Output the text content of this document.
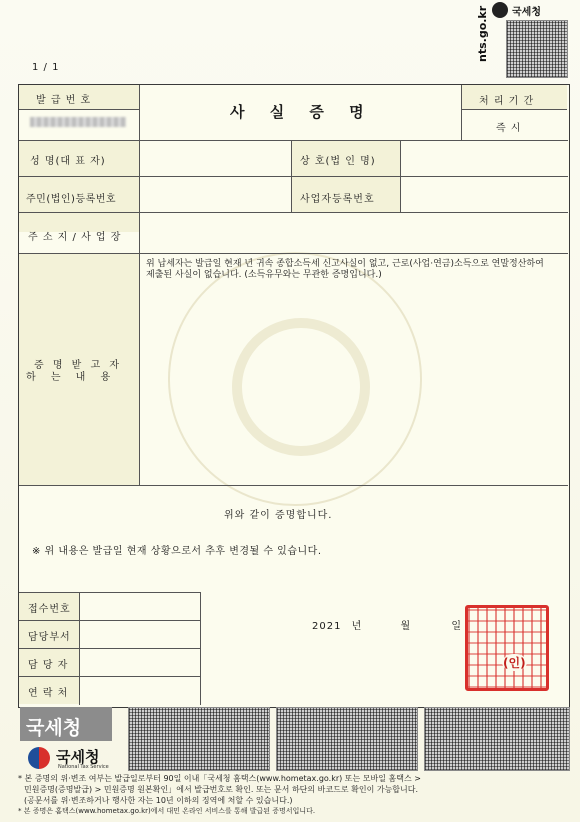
국세청
nts.go.kr
1 / 1
발 급 번 호
사 실 증 명
처 리 기 간
즉 시
성 명(대 표 자)	상 호(법 인 명)
주민(법인)등록번호	사업자등록번호
주 소 지 / 사 업 장
증 명 받 고 자
하 는 내 용
위 납세자는 발급일 현재 년 귀속 종합소득세 신고사실이 없고, 근로(사업·연금)소득으로 연말정산하여 제출된 사실이 없습니다. (소득유무와는 무관한 증명입니다.)
위와 같이 증명합니다.
※ 위 내용은 발급일 현재 상황으로서 추후 변경될 수 있습니다.
접수번호
담당부서
담 당 자
연 락 처
2021 년	월	일
(인)
국세청
국세청
National Tax Service
* 본 증명의 위·변조 여부는 발급일로부터 90일 이내「국세청 홈택스(www.hometax.go.kr) 또는 모바일 홈택스 >
민원증명(증명발급) > 민원증명 원본확인」에서 발급번호로 확인. 또는 문서 하단의 바코드로 확인이 가능합니다.
(공문서를 위·변조하거나 행사한 자는 10년 이하의 징역에 처할 수 있습니다.)
* 본 증명은 홈택스(www.hometax.go.kr)에서 대민 온라인 서비스를 통해 발급된 증명서입니다.
